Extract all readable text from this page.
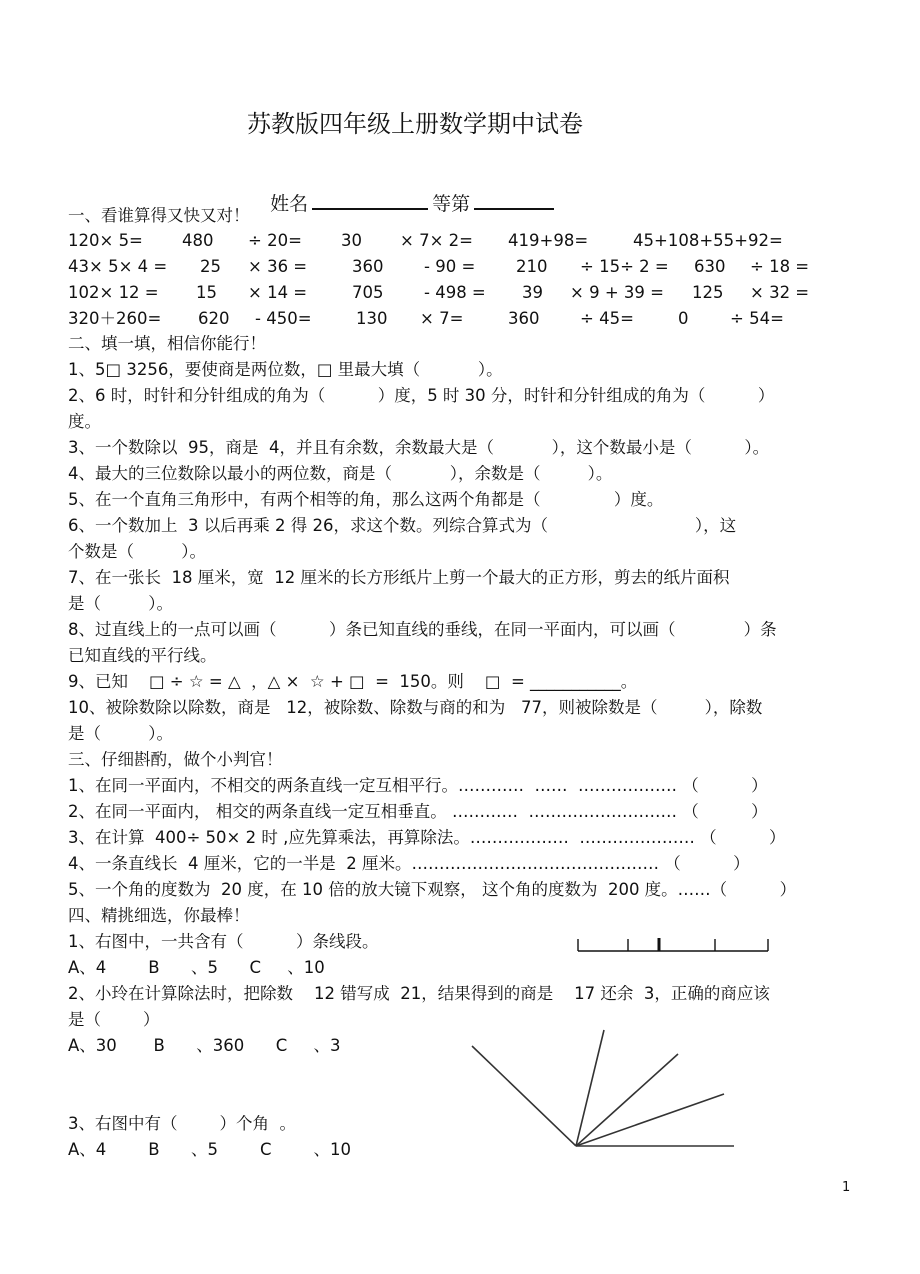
苏教版四年级上册数学期中试卷

姓名	等第

一、看谁算得又快又对！
120× 5= 480 ÷ 20= 30 × 7× 2= 419+98=	45+108+55+92=
43× 5× 4 = 25 × 36 =	360 - 90 = 210 ÷ 15÷ 2 = 630 ÷ 18 =
102× 12 = 15 × 14 =	705 - 498 = 39 × 9 + 39 = 125 × 32 =
320＋260= 620 - 450=	130 × 7=	360 ÷ 45=	0	÷ 54=
二、填一填，相信你能行！
1、5□ 3256，要使商是两位数，□ 里最大填（           ）。
2、6 时，时针和分针组成的角为（          ）度，5 时 30 分，时针和分针组成的角为（          ）
度。
3、一个数除以  95，商是  4，并且有余数，余数最大是（           ），这个数最小是（          ）。
4、最大的三位数除以最小的两位数，商是（           ），余数是（         ）。
5、在一个直角三角形中，有两个相等的角，那么这两个角都是（              ）度。
6、一个数加上  3 以后再乘 2 得 26，求这个数。列综合算式为（                            ），这
个数是（         ）。
7、在一张长  18 厘米，宽  12 厘米的长方形纸片上剪一个最大的正方形，剪去的纸片面积
是（         ）。
8、过直线上的一点可以画（          ）条已知直线的垂线，在同一平面内，可以画（             ）条
已知直线的平行线。
9、已知    □ ÷ ☆ = △  ，△ ×  ☆ + □  =  150。则    □  = ___________。
10、被除数除以除数，商是   12，被除数、除数与商的和为   77，则被除数是（         ），除数
是（         ）。
三、仔细斟酌，做个小判官！
1、在同一平面内，不相交的两条直线一定互相平行。…………  ……  ……………… （          ）
2、在同一平面内， 相交的两条直线一定互相垂直。 …………  ……………………… （          ）
3、在计算  400÷ 50× 2 时 ,应先算乘法，再算除法。………………  ………………… （          ）
4、一条直线长  4 厘米，它的一半是  2 厘米。……………………………………… （          ）
5、一个角的度数为  20 度，在 10 倍的放大镜下观察， 这个角的度数为  200 度。……（          ）
四、精挑细选，你最棒！
1、右图中，一共含有（          ）条线段。
A、4        B      、5      C     、10
2、小玲在计算除法时，把除数    12 错写成  21，结果得到的商是    17 还余  3，正确的商应该
是（        ）
A、30       B      、360      C     、3
3、右图中有（        ）个角  。
A、4        B      、5        C        、10
1
